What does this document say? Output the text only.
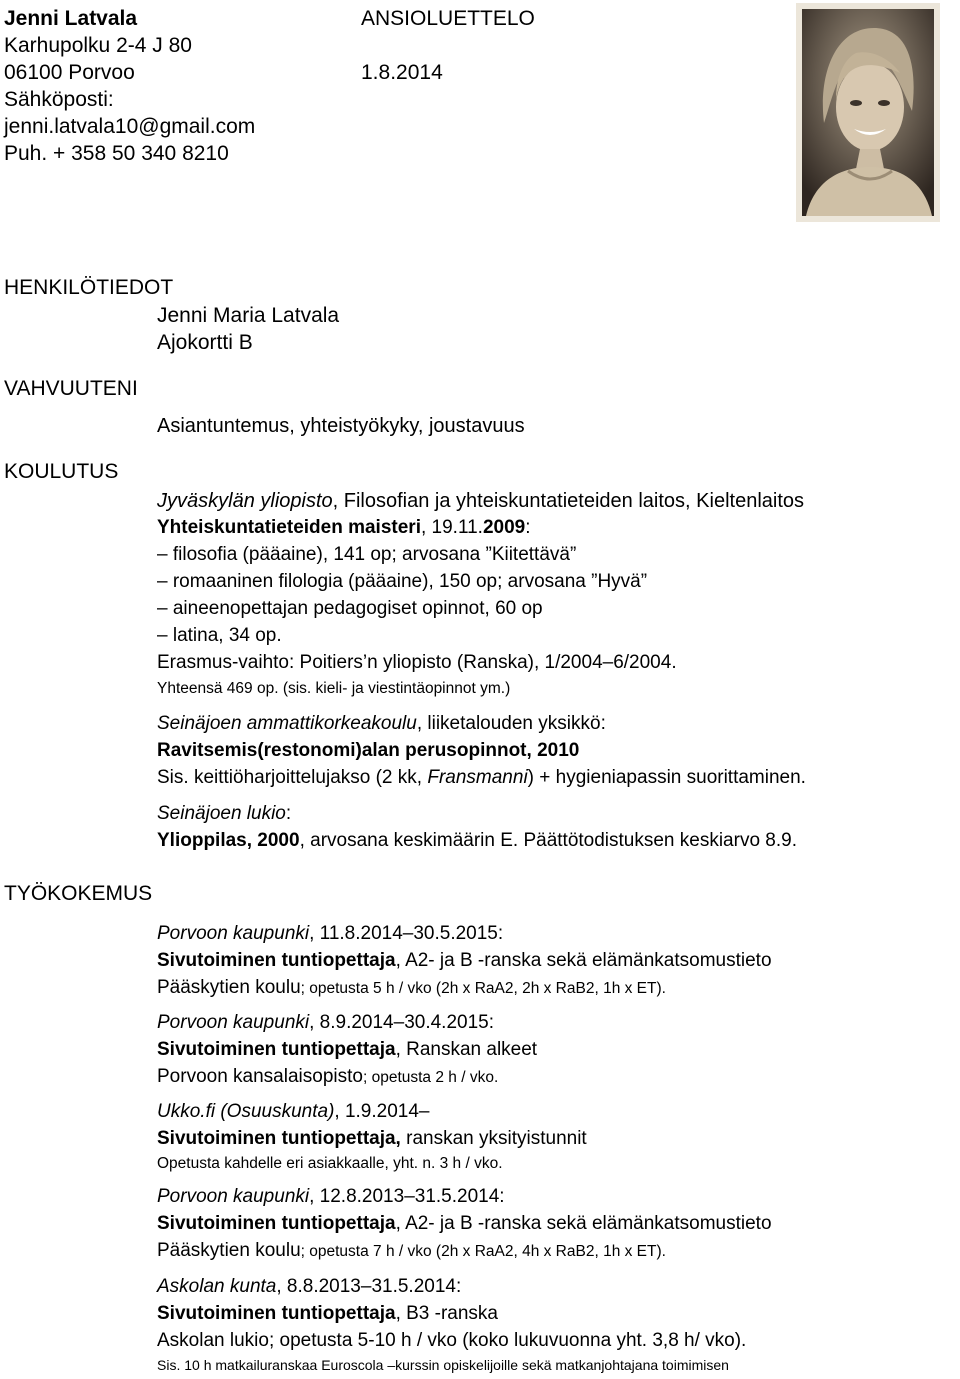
Jenni Latvala	ANSIOLUETTELO
Karhupolku 2-4 J 80
06100 Porvoo	1.8.2014
Sähköposti:
jenni.latvala10@gmail.com
Puh. + 358 50 340 8210
HENKILÖTIEDOT
VAHVUUTENI
KOULUTUS
TYÖKOKEMUS
Jenni Maria Latvala
Ajokortti B
Asiantuntemus, yhteistyökyky, joustavuus
Jyväskylän yliopisto, Filosofian ja yhteiskuntatieteiden laitos, Kieltenlaitos
Yhteiskuntatieteiden maisteri, 19.11.2009:
– filosofia (pääaine), 141 op; arvosana ”Kiitettävä”
– romaaninen filologia (pääaine), 150 op; arvosana ”Hyvä”
– aineenopettajan pedagogiset opinnot, 60 op
– latina, 34 op.
Erasmus-vaihto: Poitiers’n yliopisto (Ranska), 1/2004–6/2004.
Yhteensä 469 op. (sis. kieli- ja viestintäopinnot ym.)
Seinäjoen ammattikorkeakoulu, liiketalouden yksikkö:
Ravitsemis(restonomi)alan perusopinnot, 2010
Sis. keittiöharjoittelujakso (2 kk, Fransmanni) + hygieniapassin suorittaminen.
Seinäjoen lukio:
Ylioppilas, 2000, arvosana keskimäärin E. Päättötodistuksen keskiarvo 8.9.
Porvoon kaupunki, 11.8.2014–30.5.2015:
Sivutoiminen tuntiopettaja, A2- ja B -ranska sekä elämänkatsomustieto
Pääskytien koulu; opetusta 5 h / vko (2h x RaA2, 2h x RaB2, 1h x ET).
Porvoon kaupunki, 8.9.2014–30.4.2015:
Sivutoiminen tuntiopettaja, Ranskan alkeet
Porvoon kansalaisopisto; opetusta 2 h / vko.
Ukko.fi (Osuuskunta), 1.9.2014–
Sivutoiminen tuntiopettaja, ranskan yksityistunnit
Opetusta kahdelle eri asiakkaalle, yht. n. 3 h / vko.
Porvoon kaupunki, 12.8.2013–31.5.2014:
Sivutoiminen tuntiopettaja, A2- ja B -ranska sekä elämänkatsomustieto
Pääskytien koulu; opetusta 7 h / vko (2h x RaA2, 4h x RaB2, 1h x ET).
Askolan kunta, 8.8.2013–31.5.2014:
Sivutoiminen tuntiopettaja, B3 -ranska
Askolan lukio; opetusta 5-10 h / vko (koko lukuvuonna yht. 3,8 h/ vko).
Sis. 10 h matkailuranskaa Euroscola –kurssin opiskelijoille sekä matkanjohtajana toimimisen
